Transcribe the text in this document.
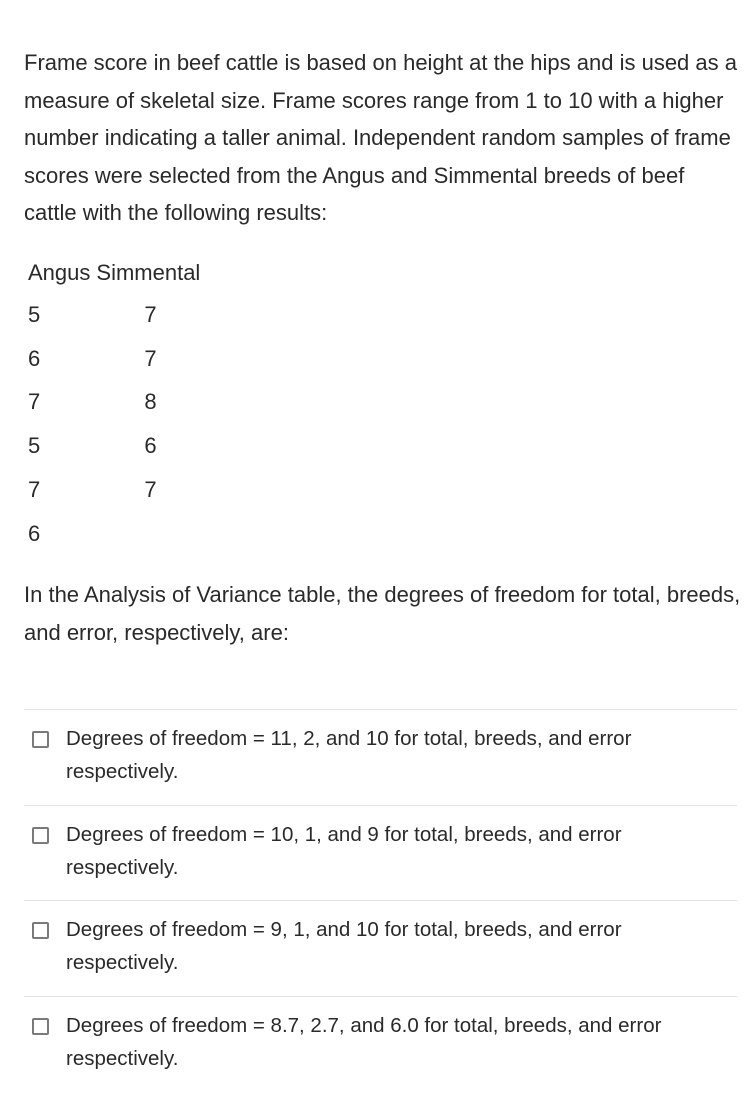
Frame score in beef cattle is based on height at the hips and is used as a measure of skeletal size. Frame scores range from 1 to 10 with a higher number indicating a taller animal. Independent random samples of frame scores were selected from the Angus and Simmental breeds of beef cattle with the following results:

Angus	Simmental
5	7
6	7
7	8
5	6
7	7
6	

In the Analysis of Variance table, the degrees of freedom for total, breeds, and error, respectively, are:

Degrees of freedom = 11, 2, and 10 for total, breeds, and error respectively.
Degrees of freedom = 10, 1, and 9 for total, breeds, and error respectively.
Degrees of freedom = 9, 1, and 10 for total, breeds, and error respectively.
Degrees of freedom = 8.7, 2.7, and 6.0 for total, breeds, and error respectively.
